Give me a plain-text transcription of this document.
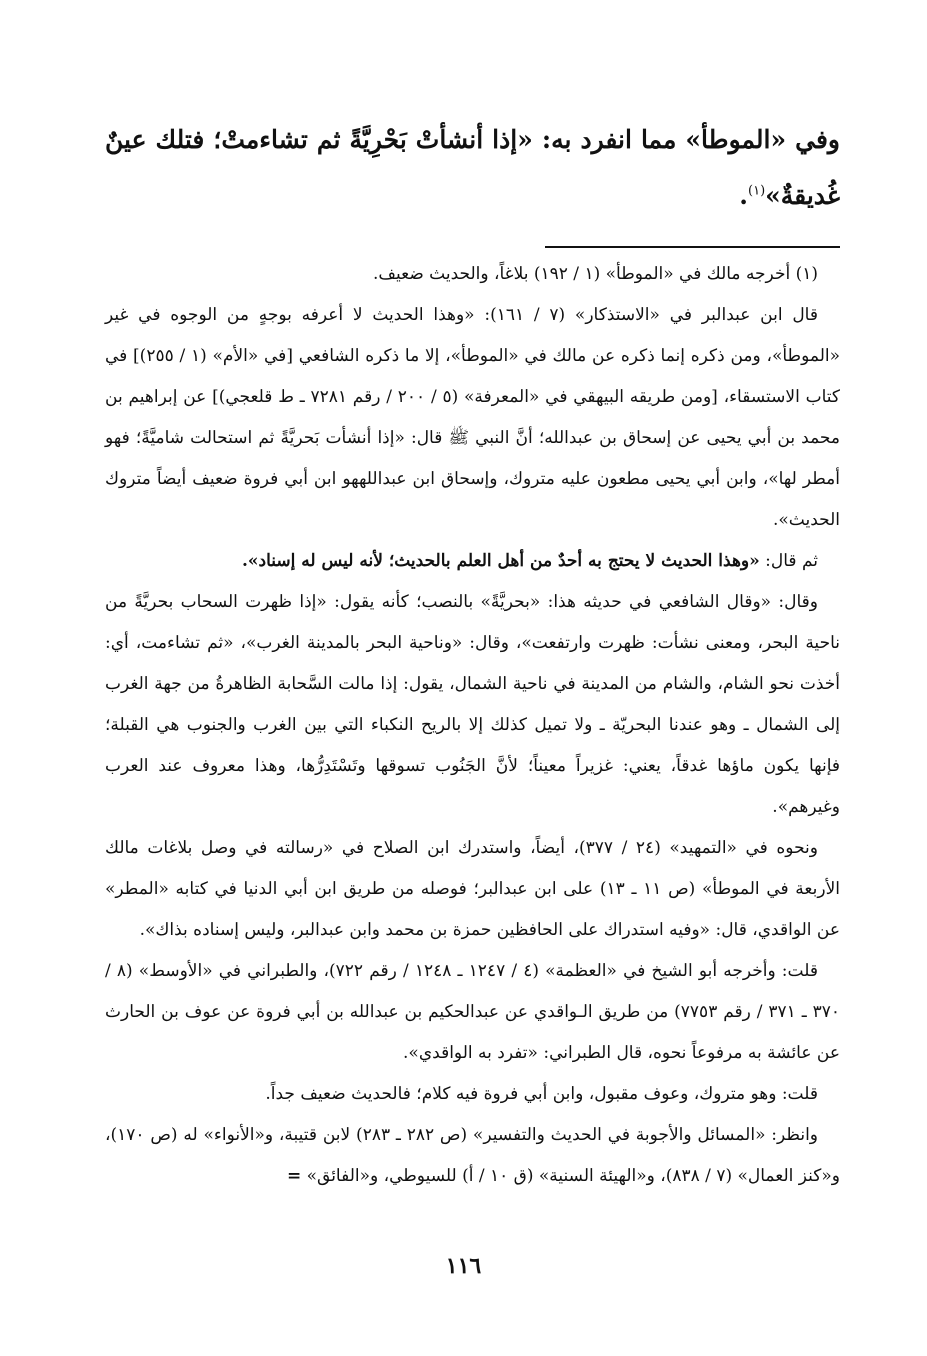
وفي «الموطأ» مما انفرد به: «إذا أنشأتْ بَحْرِيَّةً ثم تشاءمتْ؛ فتلك عينٌ غُديقةٌ»$^{(١)}$.

(١) أخرجه مالك في «الموطأ» (١ / ١٩٢) بلاغاً، والحديث ضعيف.

قال ابن عبدالبر في «الاستذكار» (٧ / ١٦١): «وهذا الحديث لا أعرفه بوجهٍ من الوجوه في غير «الموطأ»، ومن ذكره إنما ذكره عن مالك في «الموطأ»، إلا ما ذكره الشافعي [في «الأم» (١ / ٢٥٥)] في كتاب الاستسقاء، [ومن طريقه البيهقي في «المعرفة» (٥ / ٢٠٠ / رقم ٧٢٨١ ـ ط قلعجي)] عن إبراهيم بن محمد بن أبي يحيى عن إسحاق بن عبدالله؛ أنَّ النبي ﷺ قال: «إذا أنشأت بَحريَّةً ثم استحالت شاميَّةً؛ فهو أمطر لها»، وابن أبي يحيى مطعون عليه متروك، وإسحاق ابن عبداللههو ابن أبي فروة ضعيف أيضاً متروك الحديث».

ثم قال: «وهذا الحديث لا يحتج به أحدٌ من أهل العلم بالحديث؛ لأنه ليس له إسناد».

وقال: «وقال الشافعي في حديثه هذا: «بحريَّةً» بالنصب؛ كأنه يقول: «إذا ظهرت السحاب بحريَّةً من ناحية البحر، ومعنى نشأت: ظهرت وارتفعت»، وقال: «وناحية البحر بالمدينة الغرب»، «ثم تشاءمت، أي: أخذت نحو الشام، والشام من المدينة في ناحية الشمال، يقول: إذا مالت السَّحابة الظاهرةُ من جهة الغرب إلى الشمال ـ وهو عندنا البحريّة ـ ولا تميل كذلك إلا بالريح النكباء التي بين الغرب والجنوب هي القبلة؛ فإنها يكون ماؤها غدقاً، يعني: غزيراً معيناً؛ لأنَّ الجَنُوب تسوقها وتَسْتَدِرُّها، وهذا معروف عند العرب وغيرهم».

ونحوه في «التمهيد» (٢٤ / ٣٧٧)، أيضاً، واستدرك ابن الصلاح في «رسالته في وصل بلاغات مالك الأربعة في الموطأ» (ص ١١ ـ ١٣) على ابن عبدالبر؛ فوصله من طريق ابن أبي الدنيا في كتابه «المطر» عن الواقدي، قال: «وفيه استدراك على الحافظين حمزة بن محمد وابن عبدالبر، وليس إسناده بذاك».

قلت: وأخرجه أبو الشيخ في «العظمة» (٤ / ١٢٤٧ ـ ١٢٤٨ / رقم ٧٢٢)، والطبراني في «الأوسط» (٨ / ٣٧٠ ـ ٣٧١ / رقم ٧٧٥٣) من طريق الـواقدي عن عبدالحكيم بن عبدالله بن أبي فروة عن عوف بن الحارث عن عائشة به مرفوعاً نحوه، قال الطبراني: «تفرد به الواقدي».

قلت: وهو متروك، وعوف مقبول، وابن أبي فروة فيه كلام؛ فالحديث ضعيف جداً.

وانظر: «المسائل والأجوبة في الحديث والتفسير» (ص ٢٨٢ ـ ٢٨٣) لابن قتيبة، و«الأنواء» له (ص ١٧٠)، و«كنز العمال» (٧ / ٨٣٨)، و«الهيئة السنية» (ق ١٠ / أ) للسيوطي، و«الفائق» =

١١٦
